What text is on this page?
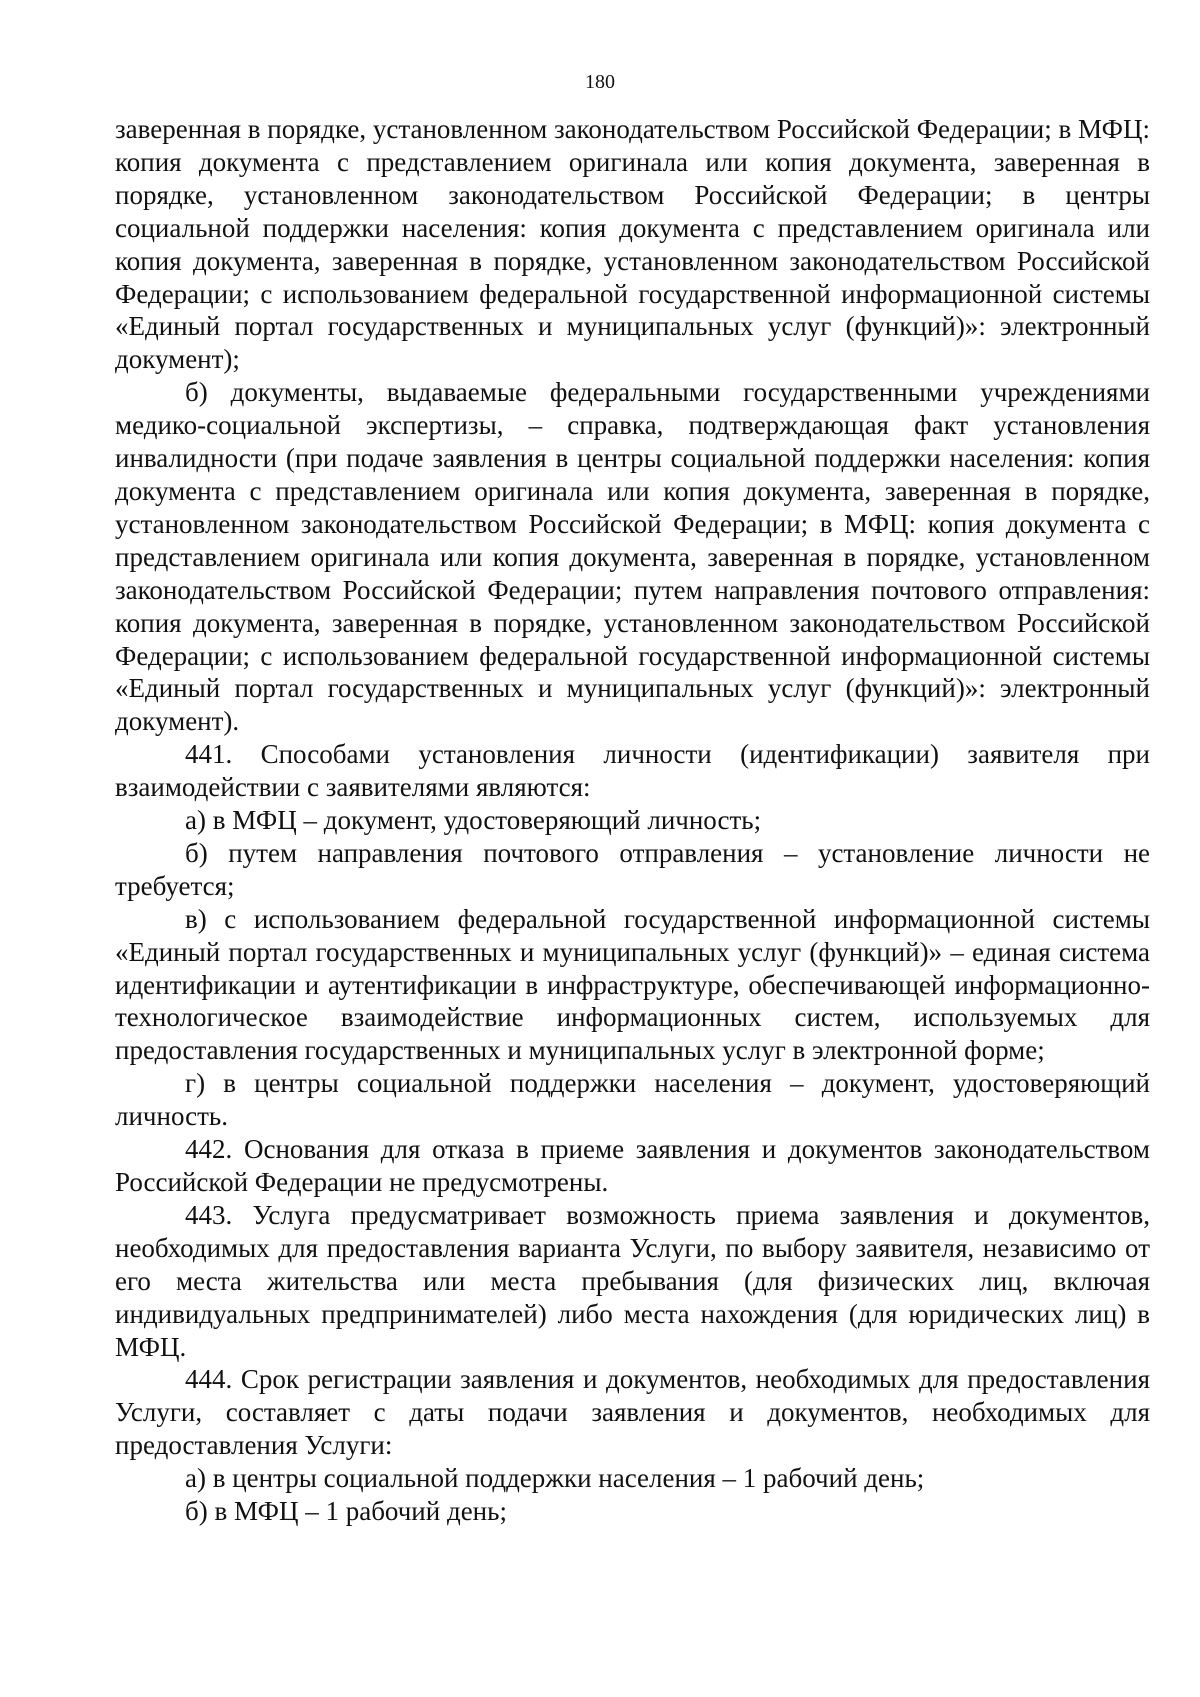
180

заверенная в порядке, установленном законодательством Российской Федерации; в МФЦ: копия документа с представлением оригинала или копия документа, заверенная в порядке, установленном законодательством Российской Федерации; в центры социальной поддержки населения: копия документа с представлением оригинала или копия документа, заверенная в порядке, установленном законодательством Российской Федерации; с использованием федеральной государственной информационной системы «Единый портал государственных и муниципальных услуг (функций)»: электронный документ);

б) документы, выдаваемые федеральными государственными учреждениями медико-социальной экспертизы, – справка, подтверждающая факт установления инвалидности (при подаче заявления в центры социальной поддержки населения: копия документа с представлением оригинала или копия документа, заверенная в порядке, установленном законодательством Российской Федерации; в МФЦ: копия документа с представлением оригинала или копия документа, заверенная в порядке, установленном законодательством Российской Федерации; путем направления почтового отправления: копия документа, заверенная в порядке, установленном законодательством Российской Федерации; с использованием федеральной государственной информационной системы «Единый портал государственных и муниципальных услуг (функций)»: электронный документ).

441. Способами установления личности (идентификации) заявителя при взаимодействии с заявителями являются:

а) в МФЦ – документ, удостоверяющий личность;

б) путем направления почтового отправления – установление личности не требуется;

в) с использованием федеральной государственной информационной системы «Единый портал государственных и муниципальных услуг (функций)» – единая система идентификации и аутентификации в инфраструктуре, обеспечивающей информационно-технологическое взаимодействие информационных систем, используемых для предоставления государственных и муниципальных услуг в электронной форме;

г) в центры социальной поддержки населения – документ, удостоверяющий личность.

442. Основания для отказа в приеме заявления и документов законодательством Российской Федерации не предусмотрены.

443. Услуга предусматривает возможность приема заявления и документов, необходимых для предоставления варианта Услуги, по выбору заявителя, независимо от его места жительства или места пребывания (для физических лиц, включая индивидуальных предпринимателей) либо места нахождения (для юридических лиц) в МФЦ.

444. Срок регистрации заявления и документов, необходимых для предоставления Услуги, составляет с даты подачи заявления и документов, необходимых для предоставления Услуги:

а) в центры социальной поддержки населения – 1 рабочий день;

б) в МФЦ – 1 рабочий день;
